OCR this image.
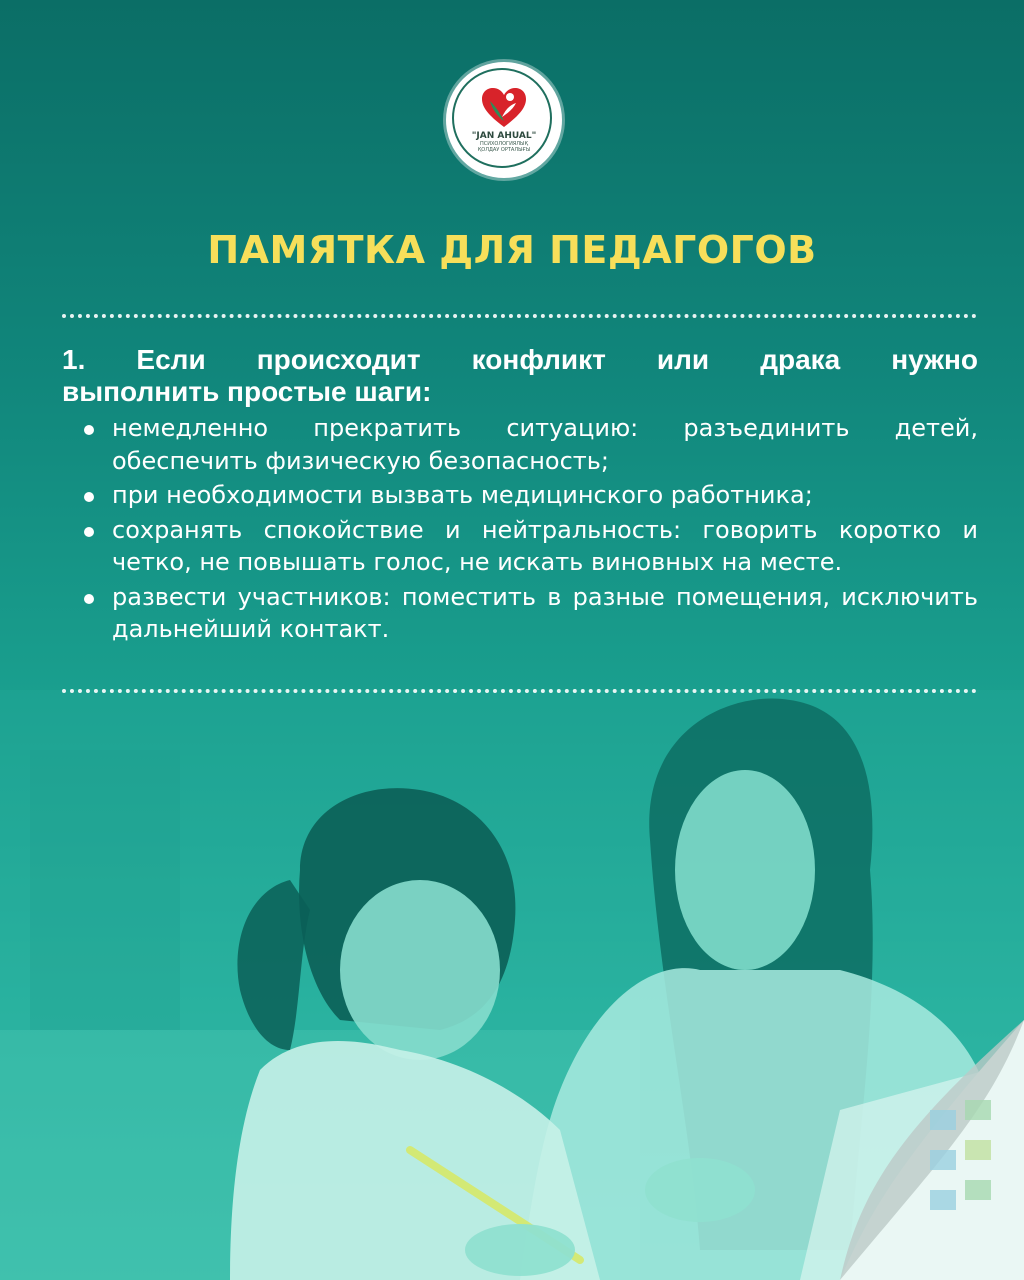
"JAN AHUAL"
ПСИХОЛОГИЯЛЫҚ ҚОЛДАУ ОРТАЛЫҒЫ
ПАМЯТКА ДЛЯ ПЕДАГОГОВ

1. Если происходит конфликт или драка нужно
выполнить простые шаги:

немедленно прекратить ситуацию: разъединить детей, обеспечить физическую безопасность;
при необходимости вызвать медицинского работника;
сохранять спокойствие и нейтральность: говорить коротко и четко, не повышать голос, не искать виновных на месте.
развести участников: поместить в разные помещения, исключить дальнейший контакт.
